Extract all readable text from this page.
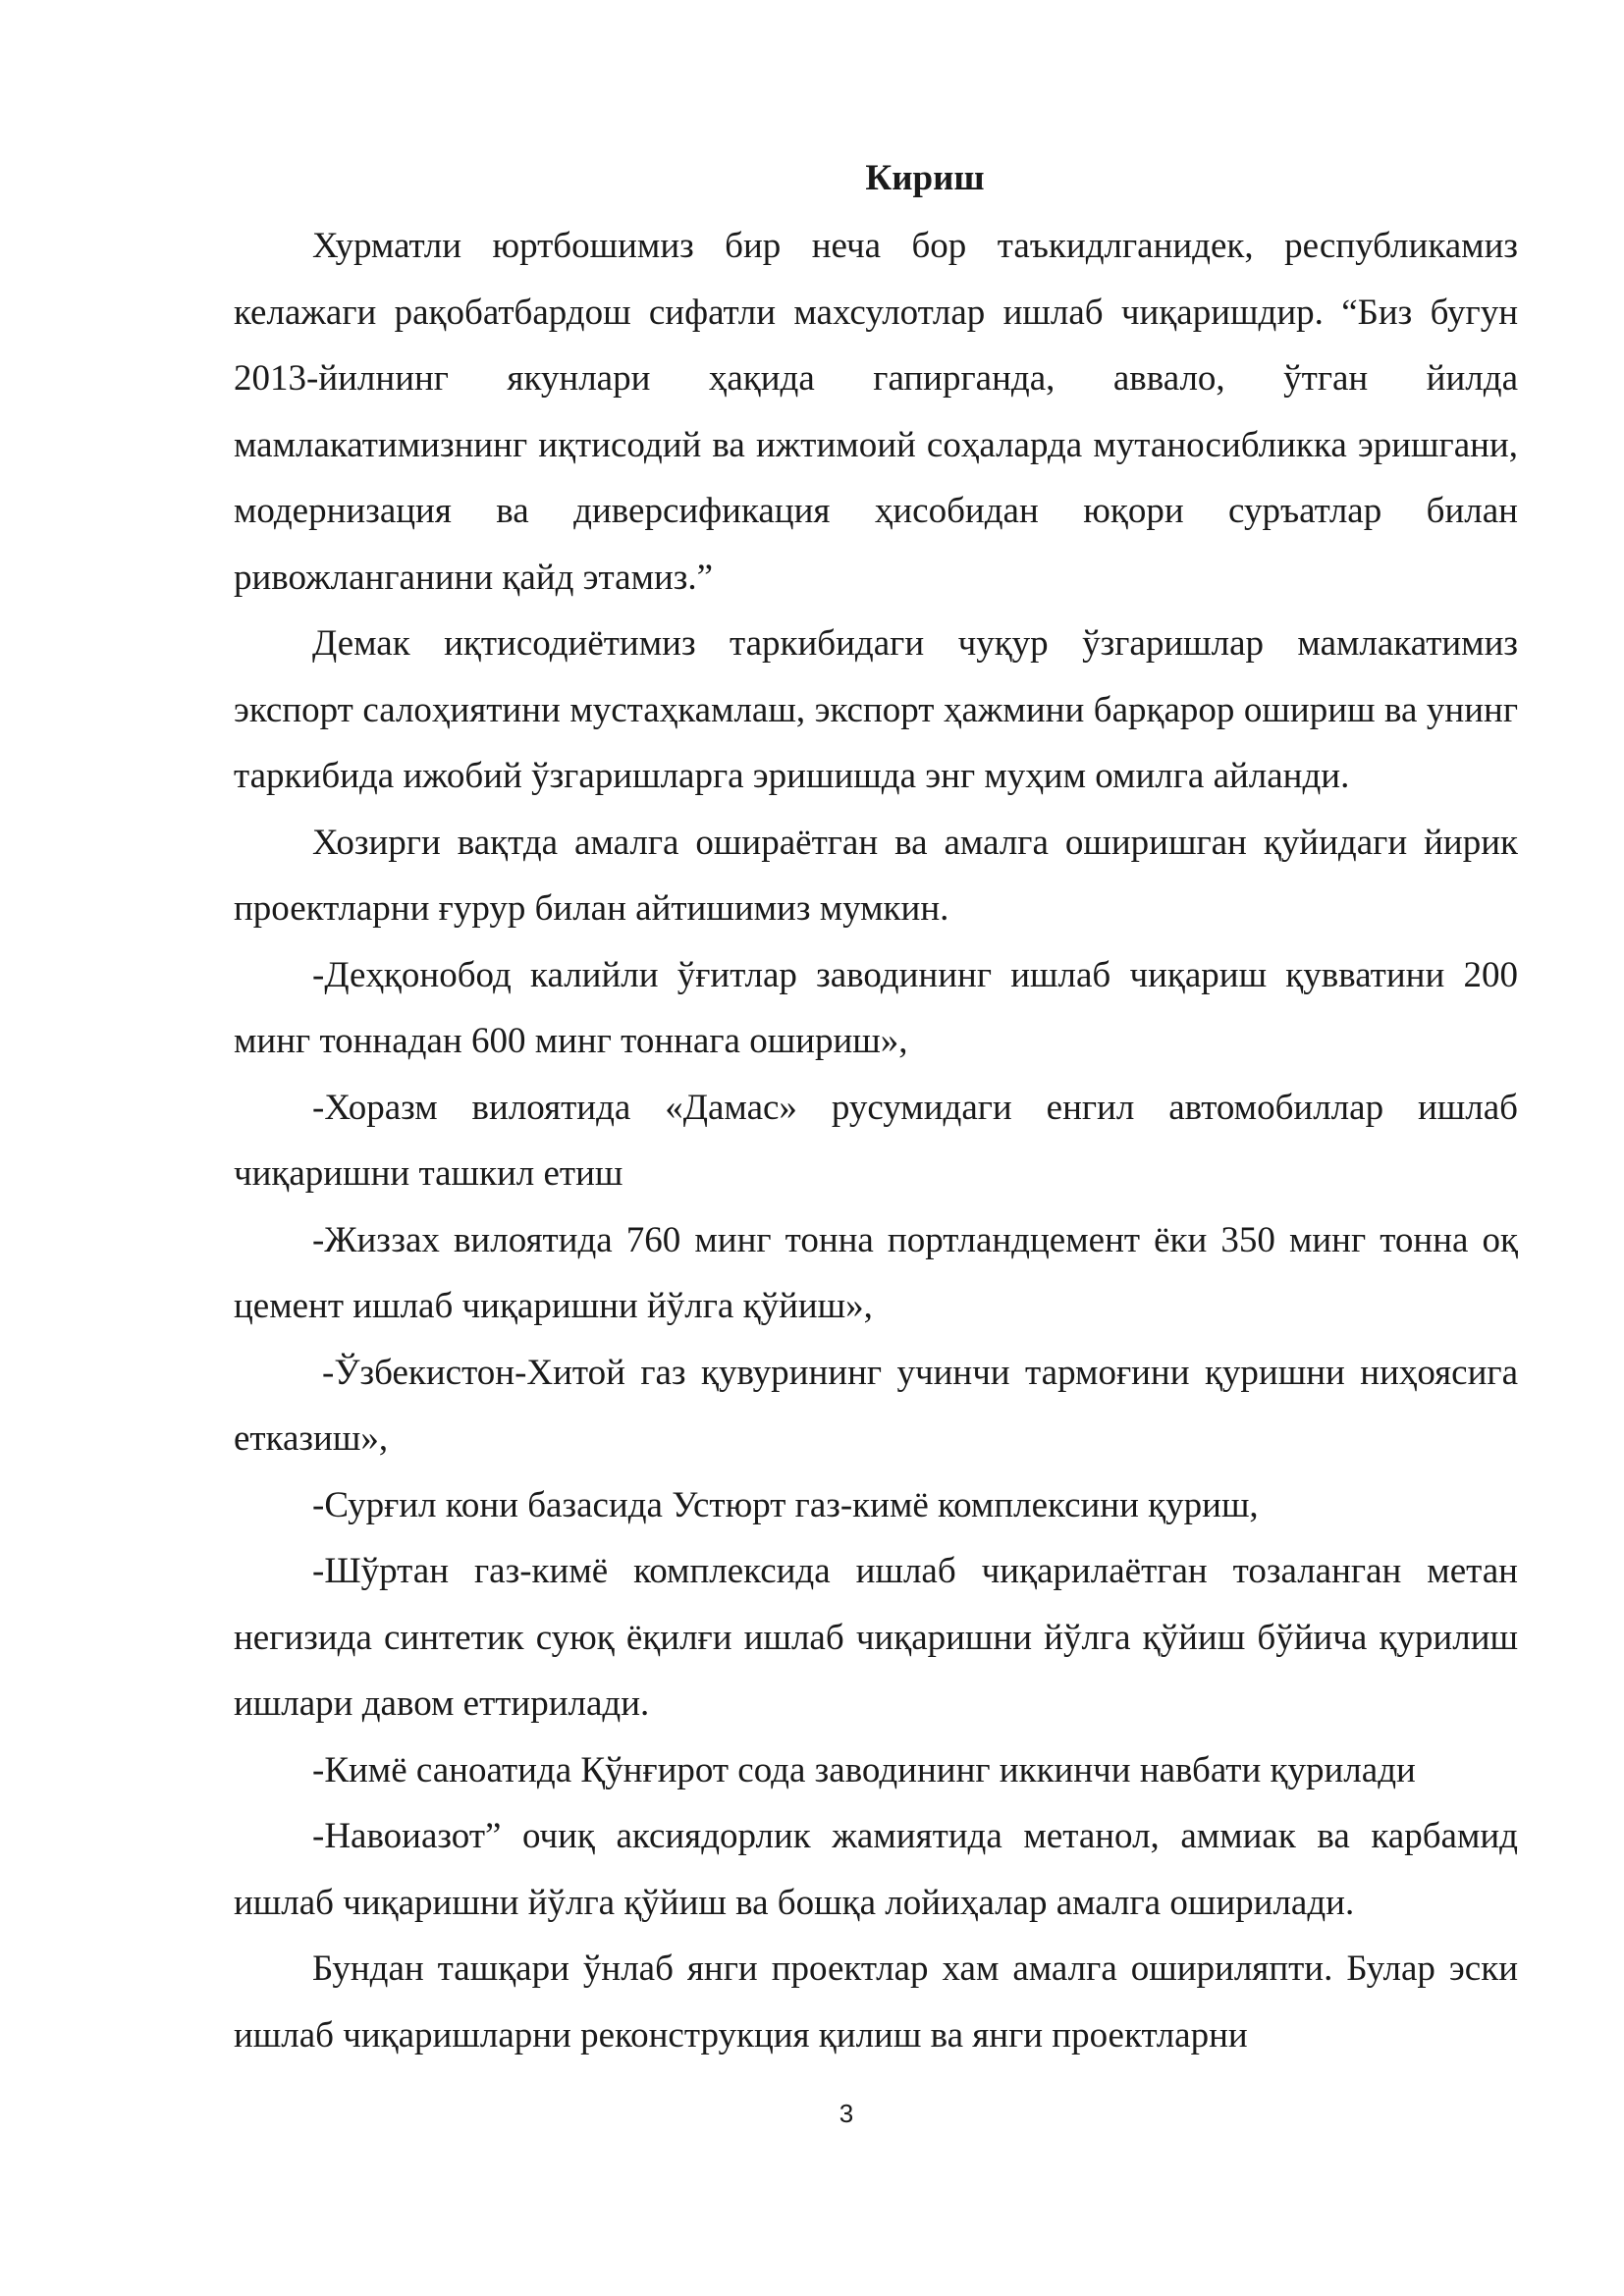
Кириш

Хурматли юртбошимиз бир неча бор таъкидлганидек, республикамиз келажаги рақобатбардош сифатли махсулотлар ишлаб чиқаришдир. “Биз бугун 2013-йилнинг якунлари ҳақида гапирганда, аввало, ўтган йилда мамлакатимизнинг иқтисодий ва ижтимоий соҳаларда мутаносибликка эришгани, модернизация ва диверсификация ҳисобидан юқори суръатлар билан ривожланганини қайд этамиз.”

Демак иқтисодиётимиз таркибидаги чуқур ўзгаришлар мамлакатимиз экспорт салоҳиятини мустаҳкамлаш, экспорт ҳажмини барқарор ошириш ва унинг таркибида ижобий ўзгаришларга эришишда энг муҳим омилга айланди.

Хозирги вақтда амалга ошираётган ва амалга оширишган қуйидаги йирик проектларни ғурур билан айтишимиз мумкин.

-Деҳқонобод калийли ўғитлар заводининг ишлаб чиқариш қувватини 200 минг тоннадан 600 минг тоннага ошириш»,

-Хоразм вилоятида «Дамас» русумидаги енгил автомобиллар ишлаб чиқаришни ташкил етиш

-Жиззах вилоятида 760 минг тонна портландцемент ёки 350 минг тонна оқ цемент ишлаб чиқаришни йўлга қўйиш»,

-Ўзбекистон-Хитой газ қувурининг учинчи тармоғини қуришни ниҳоясига етказиш»,

-Сурғил кони базасида Устюрт газ-кимё комплексини қуриш,

-Шўртан газ-кимё комплексида ишлаб чиқарилаётган тозаланган метан негизида синтетик суюқ ёқилғи ишлаб чиқаришни йўлга қўйиш бўйича қурилиш ишлари давом еттирилади.

-Кимё саноатида Қўнғирот сода заводининг иккинчи навбати қурилади

-Навоиазот” очиқ аксиядорлик жамиятида метанол, аммиак ва карбамид ишлаб чиқаришни йўлга қўйиш ва бошқа лойиҳалар амалга оширилади.

Бундан ташқари ўнлаб янги проектлар хам амалга ошириляпти. Булар эски ишлаб чиқаришларни реконструкция қилиш ва янги проектларни

3
